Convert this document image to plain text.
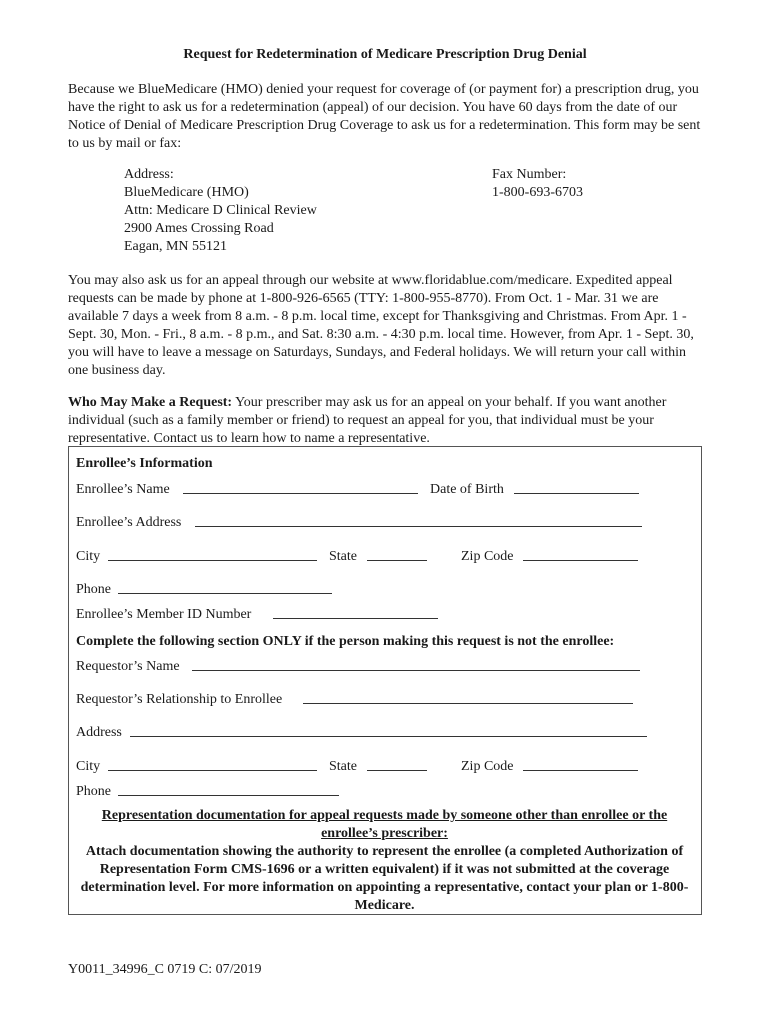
Request for Redetermination of Medicare Prescription Drug Denial

Because we BlueMedicare (HMO) denied your request for coverage of (or payment for) a prescription drug, you have the right to ask us for a redetermination (appeal) of our decision. You have 60 days from the date of our Notice of Denial of Medicare Prescription Drug Coverage to ask us for a redetermination. This form may be sent to us by mail or fax:

Address:
BlueMedicare (HMO)
Attn: Medicare D Clinical Review
2900 Ames Crossing Road
Eagan, MN 55121
Fax Number:
1-800-693-6703

You may also ask us for an appeal through our website at www.floridablue.com/medicare. Expedited appeal requests can be made by phone at 1-800-926-6565 (TTY: 1-800-955-8770). From Oct. 1 - Mar. 31 we are available 7 days a week from 8 a.m. - 8 p.m. local time, except for Thanksgiving and Christmas. From Apr. 1 - Sept. 30, Mon. - Fri., 8 a.m. - 8 p.m., and Sat. 8:30 a.m. - 4:30 p.m. local time. However, from Apr. 1 - Sept. 30, you will have to leave a message on Saturdays, Sundays, and Federal holidays. We will return your call within one business day.

Who May Make a Request: Your prescriber may ask us for an appeal on your behalf. If you want another individual (such as a family member or friend) to request an appeal for you, that individual must be your representative. Contact us to learn how to name a representative.

Enrollee’s Information
Enrollee’s Name	Date of Birth
Enrollee’s Address
City	State	Zip Code
Phone
Enrollee’s Member ID Number
Complete the following section ONLY if the person making this request is not the enrollee:
Requestor’s Name
Requestor’s Relationship to Enrollee
Address
City	State	Zip Code
Phone
Representation documentation for appeal requests made by someone other than enrollee or the enrollee’s prescriber:
Attach documentation showing the authority to represent the enrollee (a completed Authorization of Representation Form CMS-1696 or a written equivalent) if it was not submitted at the coverage determination level. For more information on appointing a representative, contact your plan or 1-800-Medicare.
Y0011_34996_C 0719 C: 07/2019
